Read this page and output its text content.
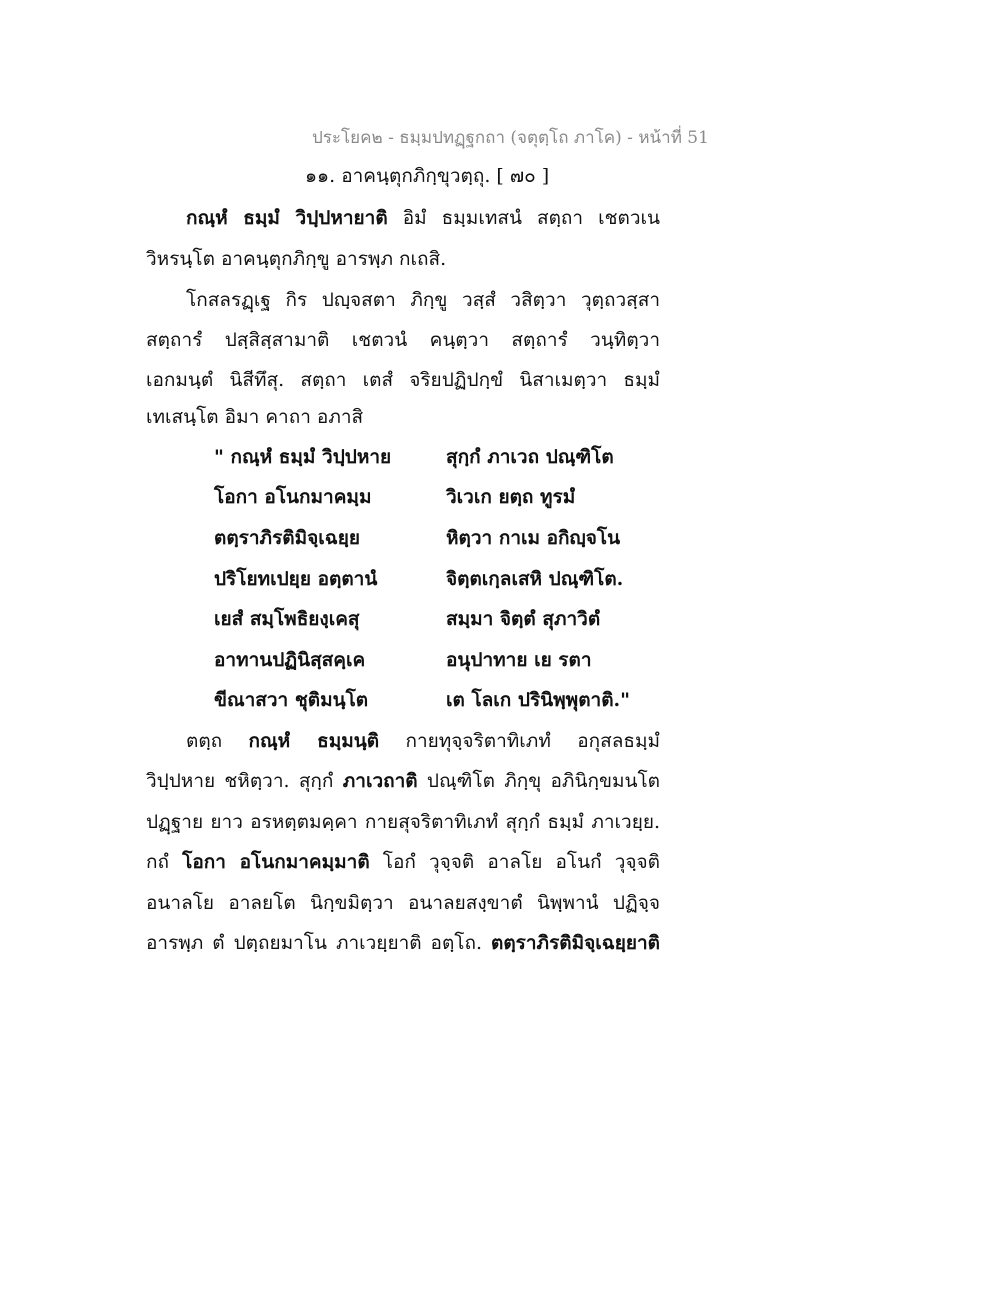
ประโยค๒ - ธมฺมปทฏฺฐกถา (จตุตฺโถ ภาโค) - หน้าที่ 51
๑๑. อาคนฺตุกภิกฺขุวตฺถุ. [ ๗๐ ]
กณฺหํ ธมฺมํ วิปฺปหายาติ อิมํ ธมฺมเทสนํ สตฺถา เชตวเน
วิหรนฺโต อาคนฺตุกภิกฺขู อารพฺภ กเถสิ.
โกสลรฏฺเฐ กิร ปญฺจสตา ภิกฺขู วสฺสํ วสิตฺวา วุตฺถวสฺสา
สตฺถารํ ปสฺสิสฺสามาติ เชตวนํ คนฺตฺวา สตฺถารํ วนฺทิตฺวา
เอกมนฺตํ นิสีทึสุ. สตฺถา เตสํ จริยปฏิปกฺขํ นิสาเมตฺวา ธมฺมํ
เทเสนฺโต อิมา คาถา อภาสิ
" กณฺหํ ธมฺมํ วิปฺปหาย	สุกฺกํ ภาเวถ ปณฺฑิโต
โอกา อโนกมาคมฺม	วิเวเก ยตฺถ ทูรมํ
ตตฺราภิรติมิจฺเฉยฺย	หิตฺวา กาเม อกิญฺจโน
ปริโยทเปยฺย อตฺตานํ	จิตฺตเกฺลเสหิ ปณฺฑิโต.
เยสํ สมฺโพธิยงฺเคสุ	สมฺมา จิตฺตํ สุภาวิตํ
อาทานปฏินิสฺสคฺเค	อนุปาทาย เย รตา
ขีณาสวา ชุติมนฺโต	เต โลเก ปรินิพฺพุตาติ."
ตตฺถ กณฺหํ ธมฺมนฺติ กายทุจฺจริตาทิเภทํ อกุสลธมฺมํ
วิปฺปหาย ชหิตฺวา. สุกฺกํ ภาเวถาติ ปณฺฑิโต ภิกฺขุ อภินิกฺขมนโต
ปฏฺฐาย ยาว อรหตฺตมคฺคา กายสุจริตาทิเภทํ สุกฺกํ ธมฺมํ ภาเวยฺย.
กถํ โอกา อโนกมาคมฺมาติ โอกํ วุจฺจติ อาลโย อโนกํ วุจฺจติ
อนาลโย อาลยโต นิกฺขมิตฺวา อนาลยสงฺขาตํ นิพฺพานํ ปฏิจฺจ
อารพฺภ ตํ ปตฺถยมาโน ภาเวยฺยาติ อตฺโถ. ตตฺราภิรติมิจฺเฉยฺยาติ
